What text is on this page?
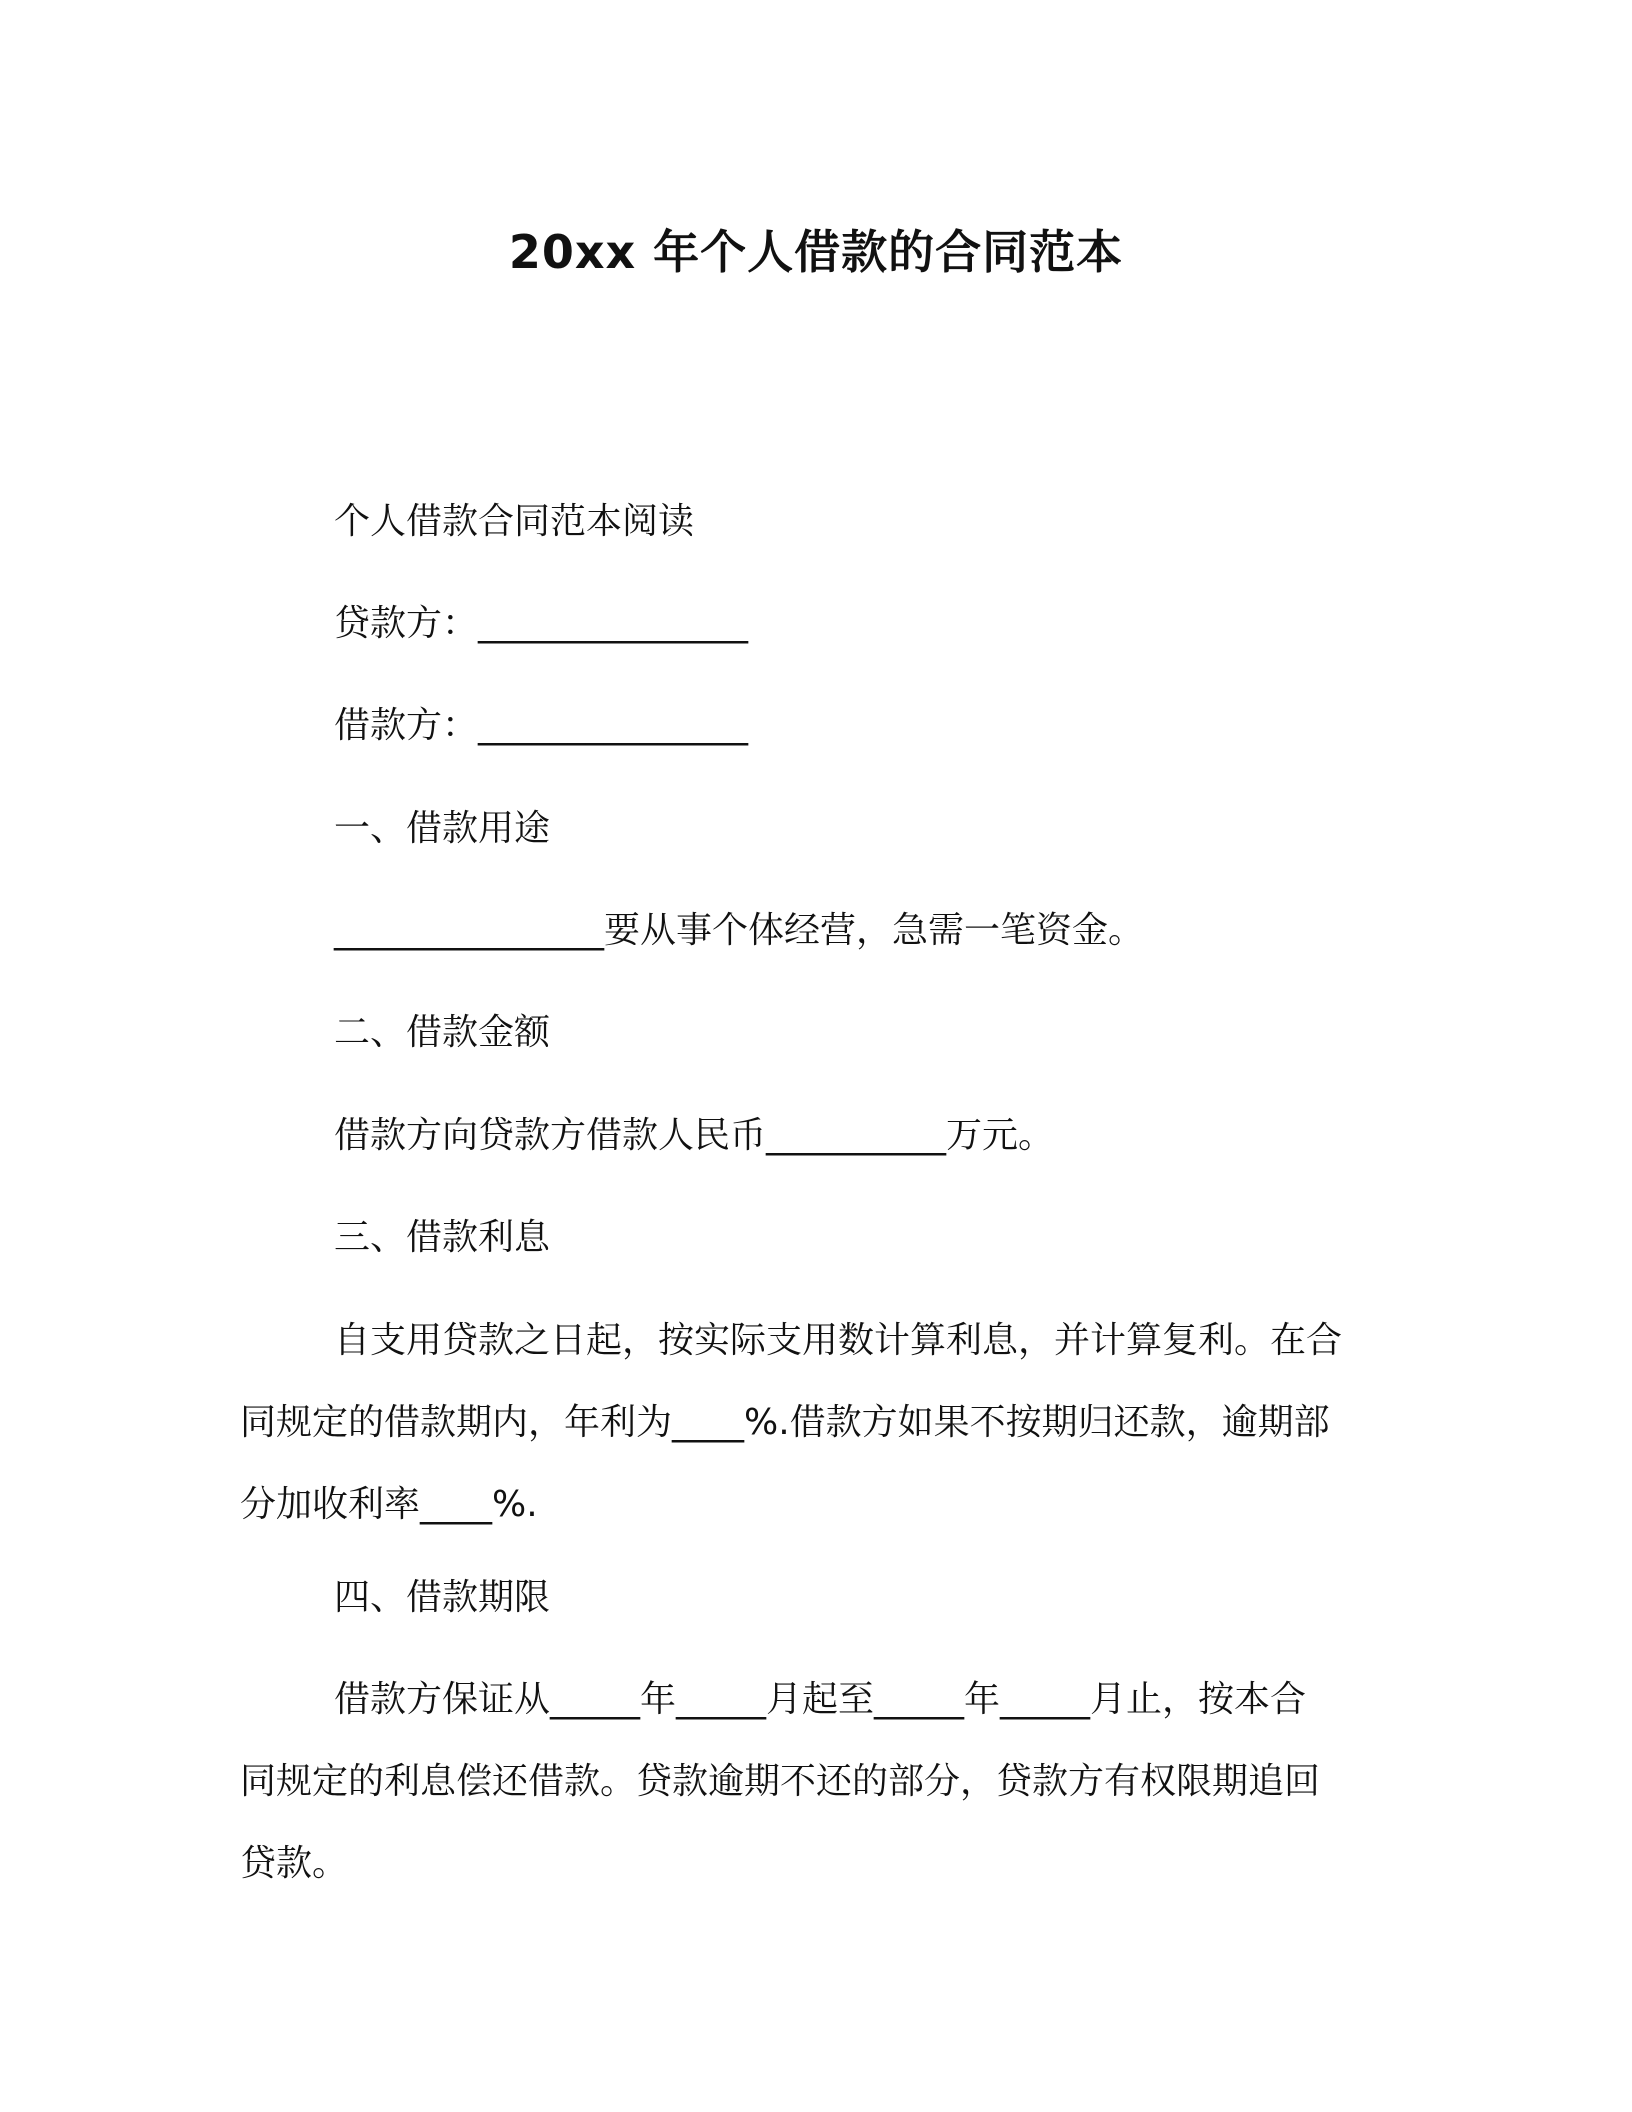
20xx 年个人借款的合同范本
个人借款合同范本阅读
贷款方：_______________
借款方：_______________
一、借款用途
_______________要从事个体经营，急需一笔资金。
二、借款金额
借款方向贷款方借款人民币__________万元。
三、借款利息
自支用贷款之日起，按实际支用数计算利息，并计算复利。在合
同规定的借款期内，年利为____%.借款方如果不按期归还款，逾期部
分加收利率____%.
四、借款期限
借款方保证从_____年_____月起至_____年_____月止，按本合
同规定的利息偿还借款。贷款逾期不还的部分，贷款方有权限期追回
贷款。
